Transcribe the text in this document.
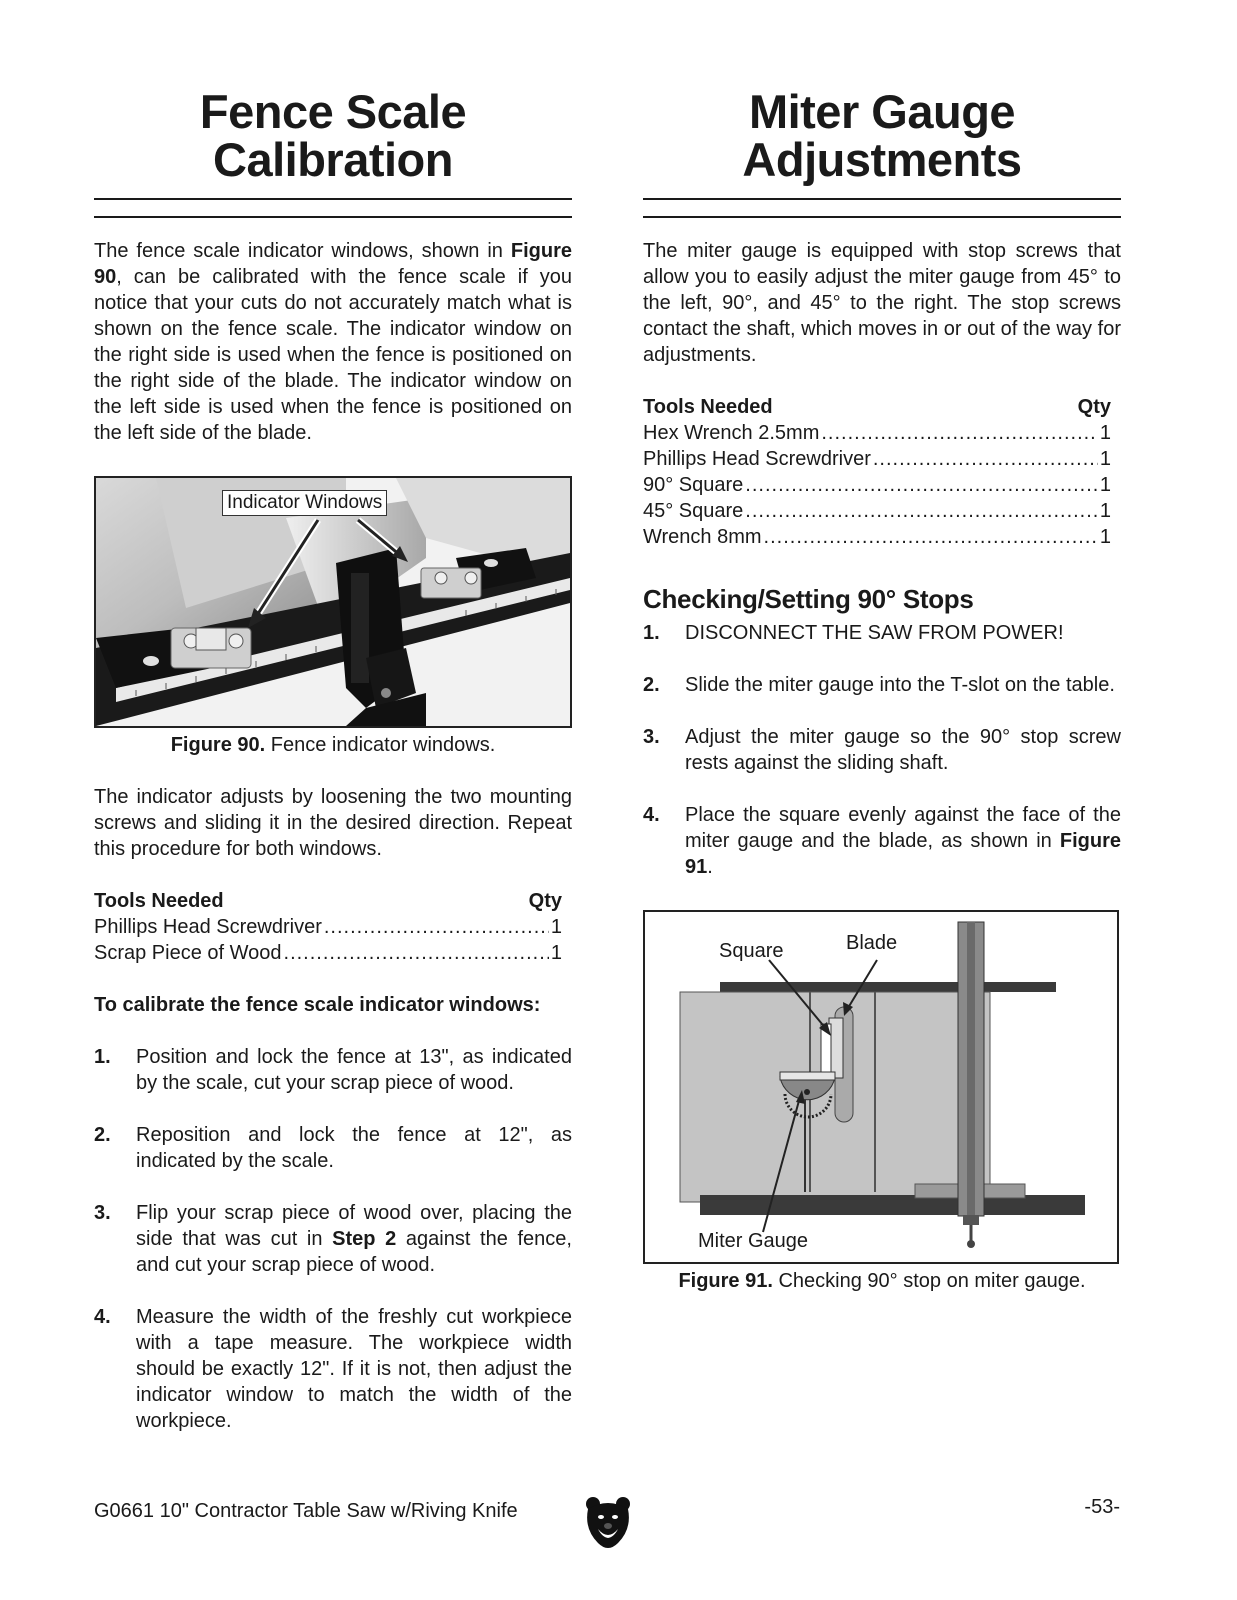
Fence Scale
Calibration

The fence scale indicator windows, shown in Figure 90, can be calibrated with the fence scale if you notice that your cuts do not accurately match what is shown on the fence scale. The indicator window on the right side is used when the fence is positioned on the right side of the blade. The indicator window on the left side is used when the fence is positioned on the left side of the blade.

Indicator Windows
Figure 90. Fence indicator windows.

The indicator adjusts by loosening the two mounting screws and sliding it in the desired direction. Repeat this procedure for both windows.

Tools Needed	Qty
Phillips Head Screwdriver .....	1
Scrap Piece of Wood .....	1

To calibrate the fence scale indicator windows:

1.	Position and lock the fence at 13", as indicated by the scale, cut your scrap piece of wood.
2.	Reposition and lock the fence at 12", as indicated by the scale.
3.	Flip your scrap piece of wood over, placing the side that was cut in Step 2 against the fence, and cut your scrap piece of wood.
4.	Measure the width of the freshly cut workpiece with a tape measure. The workpiece width should be exactly 12". If it is not, then adjust the indicator window to match the width of the workpiece.
Miter Gauge
Adjustments

The miter gauge is equipped with stop screws that allow you to easily adjust the miter gauge from 45° to the left, 90°, and 45° to the right. The stop screws contact the shaft, which moves in or out of the way for adjustments.

Tools Needed	Qty
Hex Wrench 2.5mm .....	1
Phillips Head Screwdriver .....	1
90° Square .....	1
45° Square .....	1
Wrench 8mm .....	1
Checking/Setting 90° Stops
1.	DISCONNECT THE SAW FROM POWER!
2.	Slide the miter gauge into the T-slot on the table.
3.	Adjust the miter gauge so the 90° stop screw rests against the sliding shaft.
4.	Place the square evenly against the face of the miter gauge and the blade, as shown in Figure 91.
Square	Blade
Miter Gauge
Figure 91. Checking 90° stop on miter gauge.
G0661 10" Contractor Table Saw w/Riving Knife	-53-
